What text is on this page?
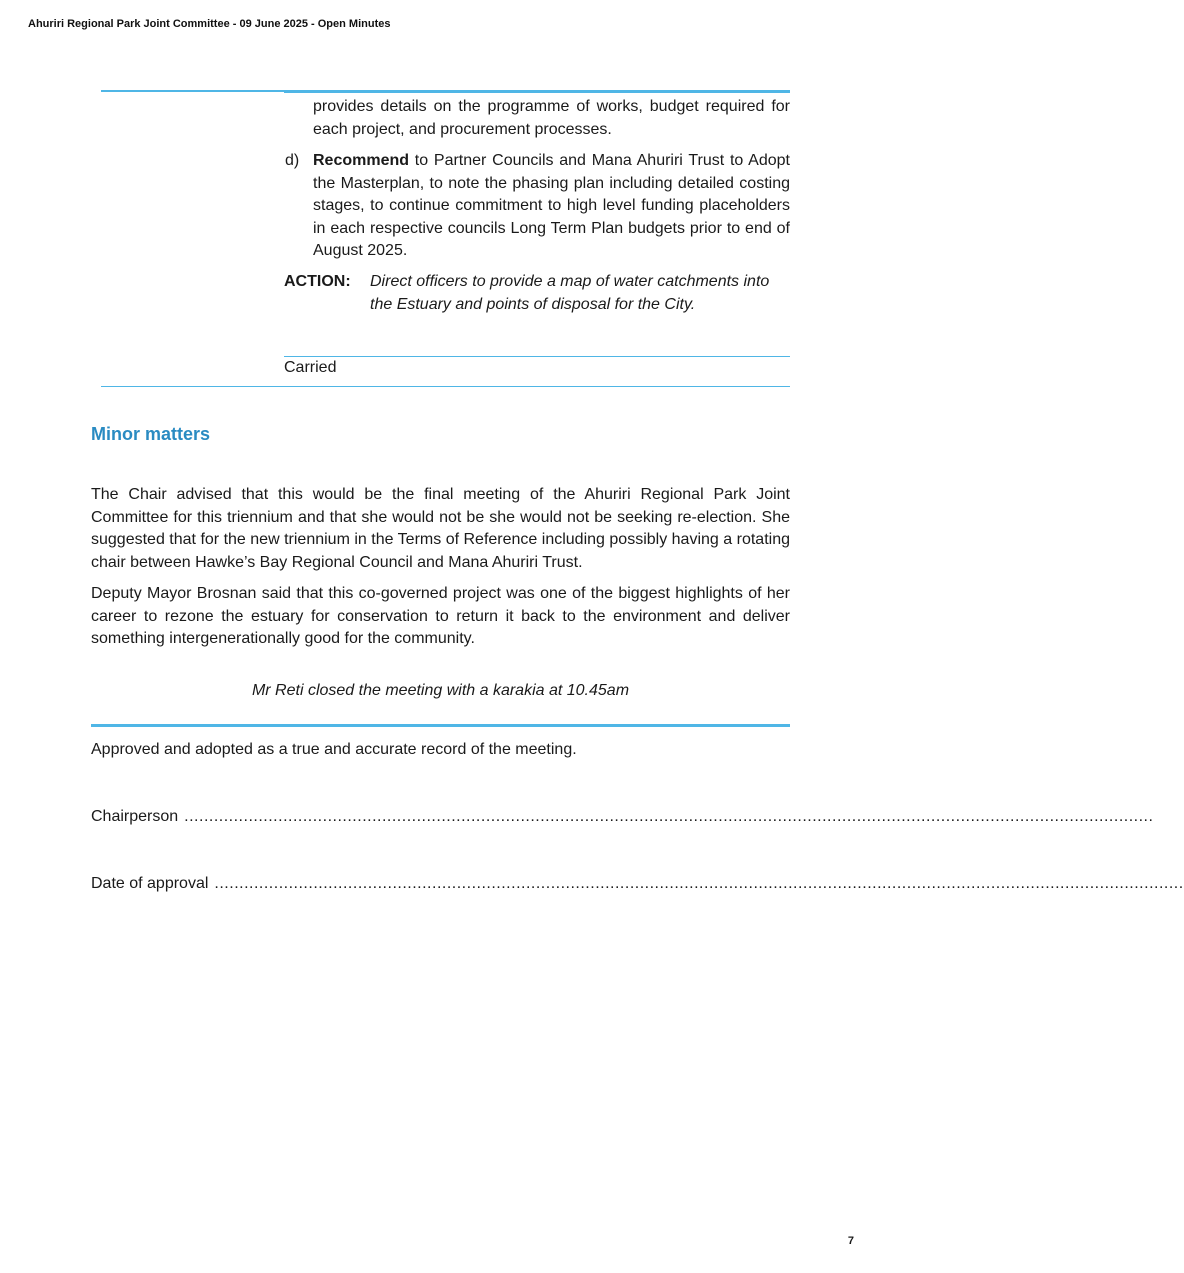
Ahuriri Regional Park Joint Committee - 09 June 2025 - Open Minutes
provides details on the programme of works, budget required for each project, and procurement processes.
d) Recommend to Partner Councils and Mana Ahuriri Trust to Adopt the Masterplan, to note the phasing plan including detailed costing stages, to continue commitment to high level funding placeholders in each respective councils Long Term Plan budgets prior to end of August 2025.
ACTION: Direct officers to provide a map of water catchments into the Estuary and points of disposal for the City.
Carried
Minor matters
The Chair advised that this would be the final meeting of the Ahuriri Regional Park Joint Committee for this triennium and that she would not be she would not be seeking re-election. She suggested that for the new triennium in the Terms of Reference including possibly having a rotating chair between Hawke’s Bay Regional Council and Mana Ahuriri Trust.
Deputy Mayor Brosnan said that this co-governed project was one of the biggest highlights of her career to rezone the estuary for conservation to return it back to the environment and deliver something intergenerationally good for the community.
Mr Reti closed the meeting with a karakia at 10.45am
Approved and adopted as a true and accurate record of the meeting.
Chairperson ....................................................................................................................................................................................................
Date of approval ....................................................................................................................................................................................................
7
